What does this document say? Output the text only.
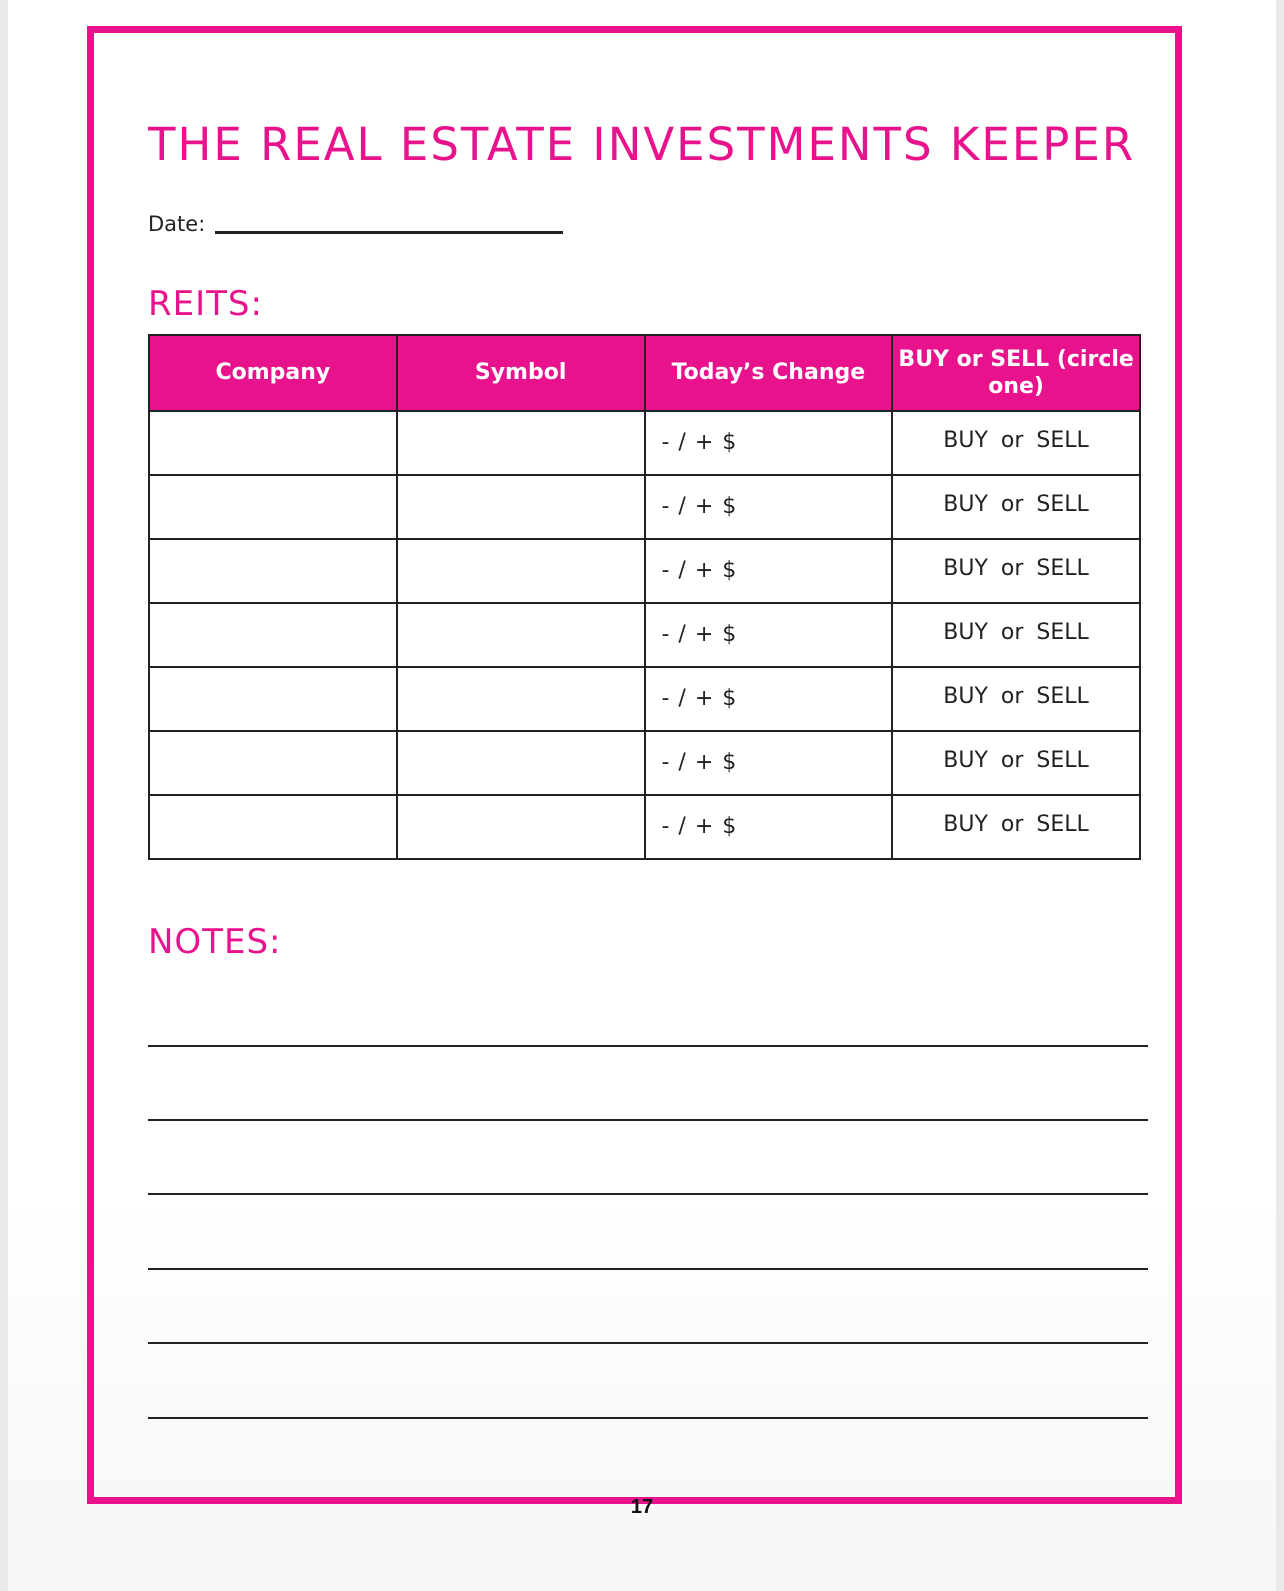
THE REAL ESTATE INVESTMENTS KEEPER
Date:
REITS:
Company	Symbol	Today’s Change	BUY or SELL (circle one)

		- / + $	BUY or SELL

		- / + $	BUY or SELL

		- / + $	BUY or SELL

		- / + $	BUY or SELL

		- / + $	BUY or SELL

		- / + $	BUY or SELL

		- / + $	BUY or SELL
NOTES:
17
